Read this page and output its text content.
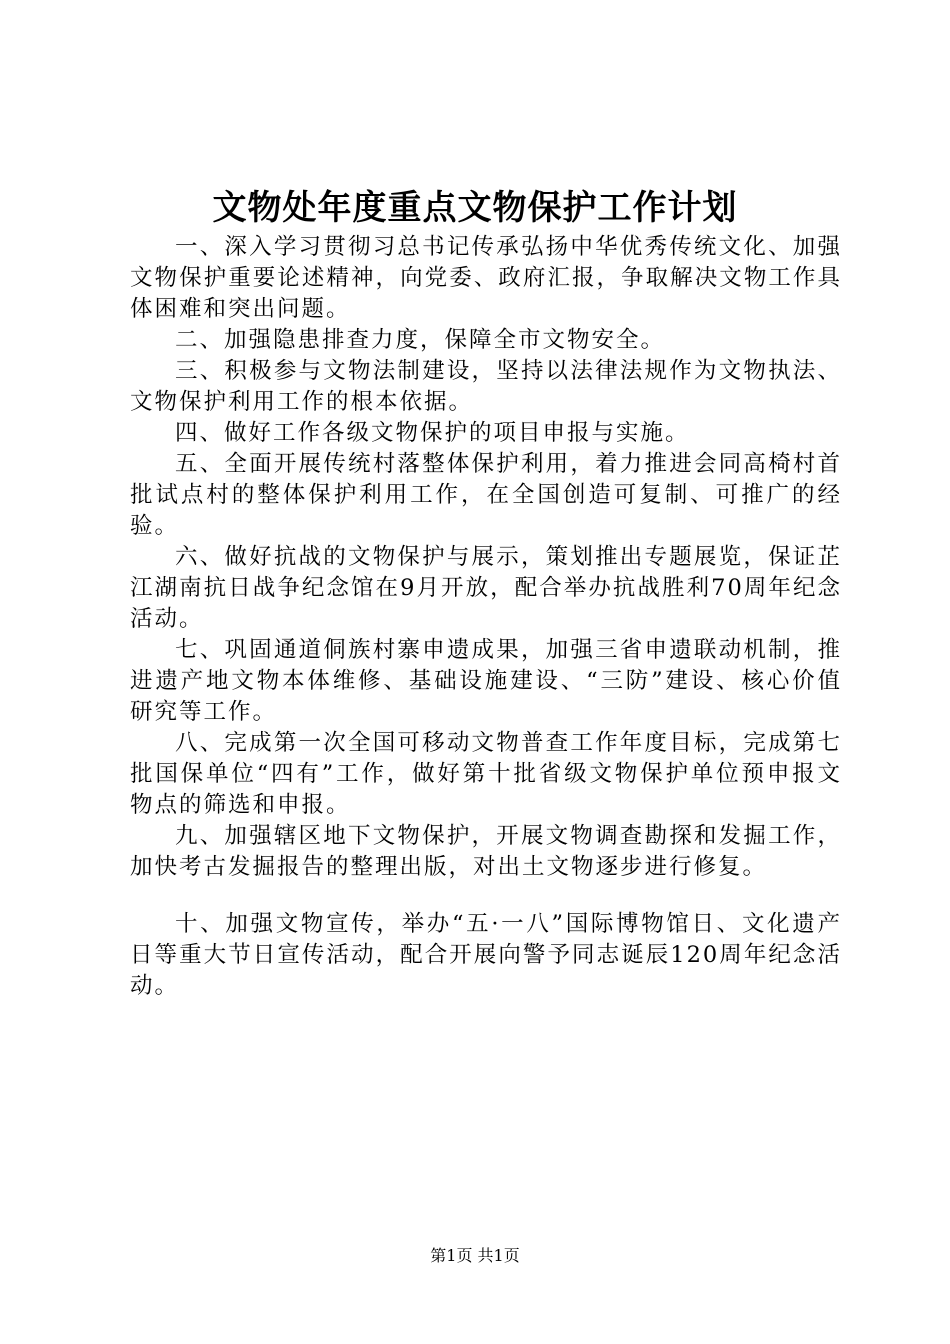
文物处年度重点文物保护工作计划

一、深入学习贯彻习总书记传承弘扬中华优秀传统文化、加强文物保护重要论述精神，向党委、政府汇报，争取解决文物工作具体困难和突出问题。

二、加强隐患排查力度，保障全市文物安全。

三、积极参与文物法制建设，坚持以法律法规作为文物执法、文物保护利用工作的根本依据。

四、做好工作各级文物保护的项目申报与实施。

五、全面开展传统村落整体保护利用，着力推进会同高椅村首批试点村的整体保护利用工作，在全国创造可复制、可推广的经验。

六、做好抗战的文物保护与展示，策划推出专题展览，保证芷江湖南抗日战争纪念馆在9月开放，配合举办抗战胜利70周年纪念活动。

七、巩固通道侗族村寨申遗成果，加强三省申遗联动机制，推进遗产地文物本体维修、基础设施建设、“三防”建设、核心价值研究等工作。

八、完成第一次全国可移动文物普查工作年度目标，完成第七批国保单位“四有”工作，做好第十批省级文物保护单位预申报文物点的筛选和申报。

九、加强辖区地下文物保护，开展文物调查勘探和发掘工作，加快考古发掘报告的整理出版，对出土文物逐步进行修复。

十、加强文物宣传，举办“五·一八”国际博物馆日、文化遗产日等重大节日宣传活动，配合开展向警予同志诞辰120周年纪念活动。

第1页 共1页
